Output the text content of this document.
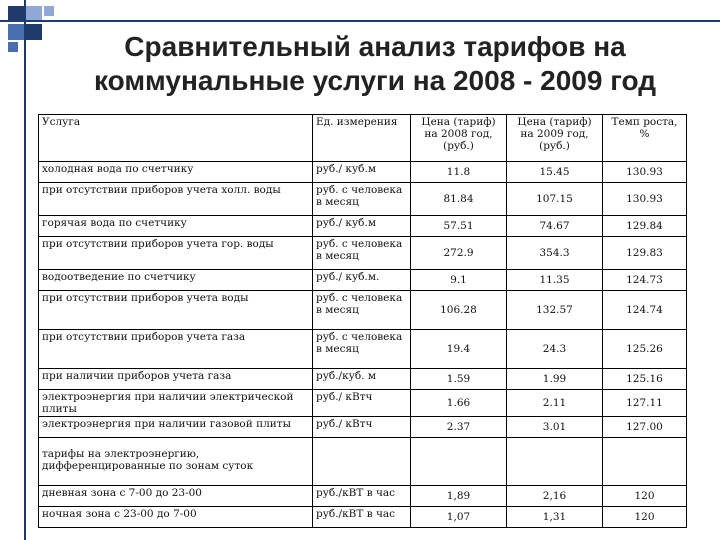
Сравнительный анализ тарифов на
коммунальные услуги на 2008 - 2009 год
Услуга	Ед. измерения	Цена (тариф) на 2008 год, (руб.)	Цена (тариф) на 2009 год, (руб.)	Темп роста, %
холодная вода по счетчику	руб./ куб.м	11.8	15.45	130.93
при отсутствии приборов учета холл. воды	руб. с человека в месяц	81.84	107.15	130.93
горячая вода по счетчику	руб./ куб.м	57.51	74.67	129.84
при отсутствии приборов учета гор. воды	руб. с человека в месяц	272.9	354.3	129.83
водоотведение по счетчику	руб./ куб.м.	9.1	11.35	124.73
при отсутствии приборов учета воды	руб. с человека в месяц	106.28	132.57	124.74
при отсутствии приборов учета газа	руб. с человека в месяц	19.4	24.3	125.26
при наличии приборов учета газа	руб./куб. м	1.59	1.99	125.16
электроэнергия при наличии электрической плиты	руб./ кВтч	1.66	2.11	127.11
электроэнергия при наличии газовой плиты	руб./ кВтч	2.37	3.01	127.00
тарифы на электроэнергию, дифференцированные по зонам суток				
дневная зона с 7-00 до 23-00	руб./кВТ в час	1,89	2,16	120
ночная зона с 23-00 до 7-00	руб./кВТ в час	1,07	1,31	120
